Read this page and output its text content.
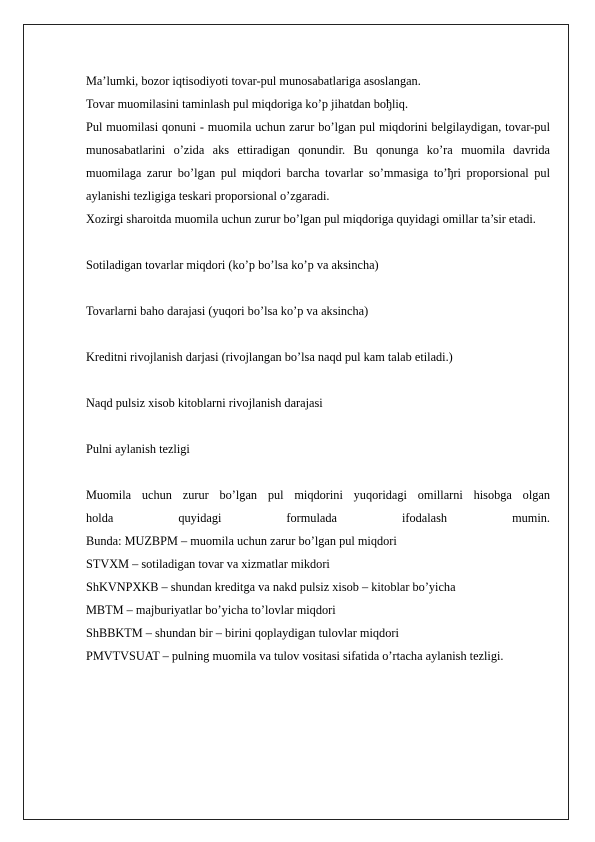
Ma’lumki, bozor iqtisodiyoti tovar-pul munosabatlariga asoslangan.

Tovar muomilasini taminlash pul miqdoriga ko’p jihatdan boђliq.

Pul muomilasi qonuni - muomila uchun zarur bo’lgan pul miqdorini belgilaydigan, tovar-pul munosabatlarini o’zida aks ettiradigan qonundir. Bu qonunga ko’ra muomila davrida muomilaga zarur bo’lgan pul miqdori barcha tovarlar so’mmasiga to’ђri proporsional pul aylanishi tezligiga teskari proporsional o’zgaradi.

Xozirgi sharoitda muomila uchun zurur bo’lgan pul miqdoriga quyidagi omillar ta’sir etadi.

Sotiladigan tovarlar miqdori (ko’p bo’lsa ko’p va aksincha)

Tovarlarni baho darajasi (yuqori bo’lsa ko’p va aksincha)

Kreditni rivojlanish darjasi (rivojlangan bo’lsa naqd pul kam talab etiladi.)

Naqd pulsiz xisob kitoblarni rivojlanish darajasi

Pulni aylanish tezligi

Muomila uchun zurur bo’lgan pul miqdorini yuqoridagi omillarni hisobga olgan

holda quyidagi formulada ifodalash mumin.

Bunda: MUZBPM – muomila uchun zarur bo’lgan pul miqdori

STVXM – sotiladigan tovar va xizmatlar mikdori

ShKVNPXKB – shundan kreditga va nakd pulsiz xisob – kitoblar bo’yicha

MBTM – majburiyatlar bo’yicha to’lovlar miqdori

ShBBKTM – shundan bir – birini qoplaydigan tulovlar miqdori

PMVTVSUAT – pulning muomila va tulov vositasi sifatida o’rtacha aylanish tezligi.
